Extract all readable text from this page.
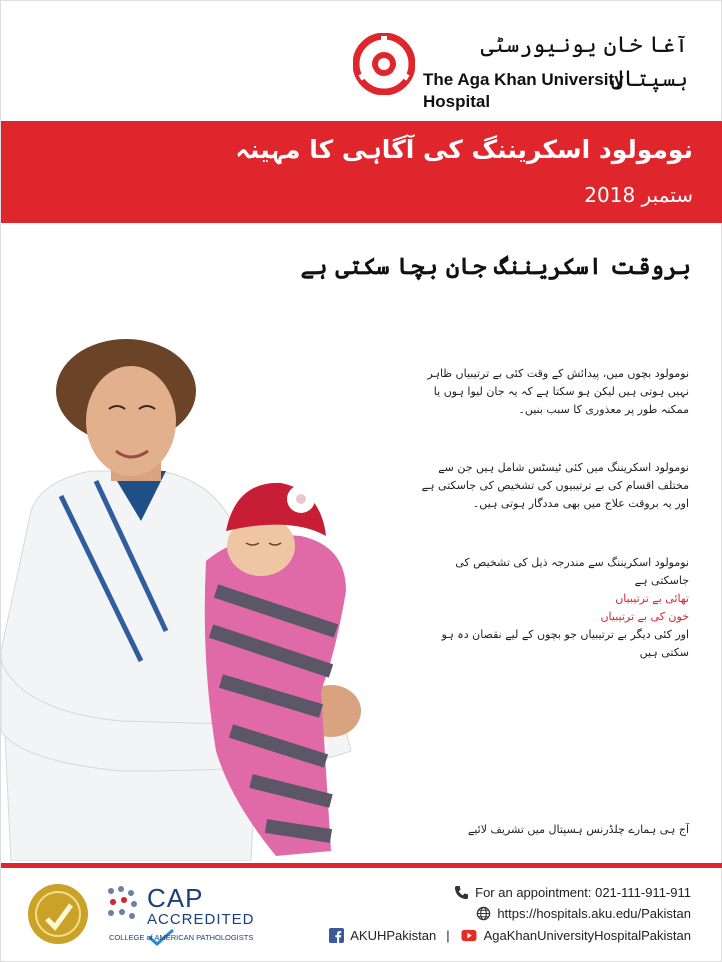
آغا خان یونیورسٹی ہسپتال
The Aga Khan University Hospital
نومولود اسکریننگ کی آگاہی کا مہینہ
ستمبر 2018
بروقت اسکریننگ جان بچا سکتی ہے
نومولود بچوں میں، پیدائش کے وقت کئی بے ترتیبیاں ظاہر نہیں ہوتی ہیں لیکن ہو سکتا ہے کہ یہ جان لیوا ہوں یا ممکنہ طور پر معذوری کا سبب بنیں۔
نومولود اسکریننگ میں کئی ٹیسٹس شامل ہیں جن سے مختلف اقسام کی بے ترتیبیوں کی تشخیص کی جاسکتی ہے اور یہ بروقت علاج میں بھی مددگار ہوتی ہیں۔
نومولود اسکریننگ سے مندرجہ ذیل کی تشخیص کی جاسکتی ہے
تھائی بے ترتیبیاں
خون کی بے ترتیبیاں
اور کئی دیگر بے ترتیبیاں جو بچوں کے لیے نقصان دہ ہو سکتی ہیں
آج ہی ہمارے چلڈرنس ہسپتال میں تشریف لائیے
CAP
ACCREDITED
COLLEGE of AMERICAN PATHOLOGISTS
For an appointment: 021-111-911-911
https://hospitals.aku.edu/Pakistan
AKUHPakistan |	AgaKhanUniversityHospitalPakistan
